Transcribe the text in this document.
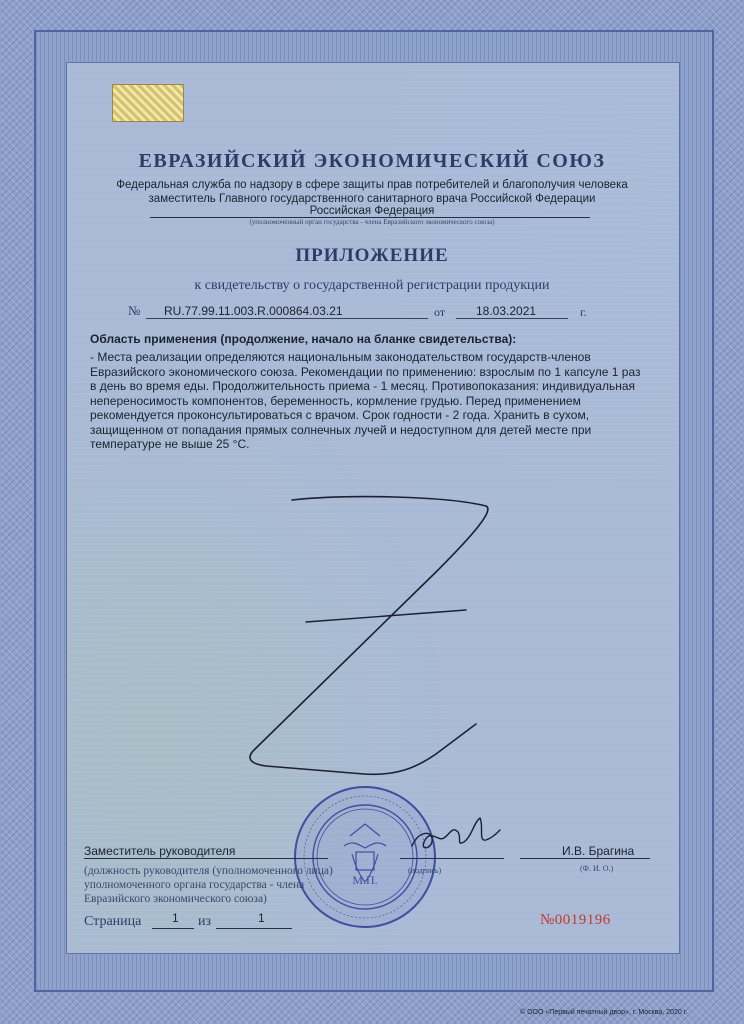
ЕВРАЗИЙСКИЙ ЭКОНОМИЧЕСКИЙ СОЮЗ
Федеральная служба по надзору в сфере защиты прав потребителей и благополучия человека
заместитель Главного государственного санитарного врача Российской Федерации
Российская Федерация
(уполномоченный орган государства - члена Евразийского экономического союза)
ПРИЛОЖЕНИЕ
к свидетельству о государственной регистрации продукции
№ RU.77.99.11.003.R.000864.03.21	от	18.03.2021	г.
Область применения (продолжение, начало на бланке свидетельства):
- Места реализации определяются национальным законодательством государств-членов Евразийского экономического союза. Рекомендации по применению: взрослым по 1 капсуле 1 раз в день во время еды. Продолжительность приема - 1 месяц. Противопоказания: индивидуальная непереносимость компонентов, беременность, кормление грудью. Перед применением рекомендуется проконсультироваться с врачом. Срок годности - 2 года. Хранить в сухом, защищенном от попадания прямых солнечных лучей и недоступном для детей месте при температуре не выше 25 °С.
М.П.
Заместитель руководителя	И.В. Брагина
(должность руководителя (уполномоченного лица) уполномоченного органа государства - члена Евразийского экономического союза)
(подпись)	(Ф. И. О.)
Страница	1 из	1	№0019196
© ООО «Первый печатный двор», г. Москва, 2020 г.
